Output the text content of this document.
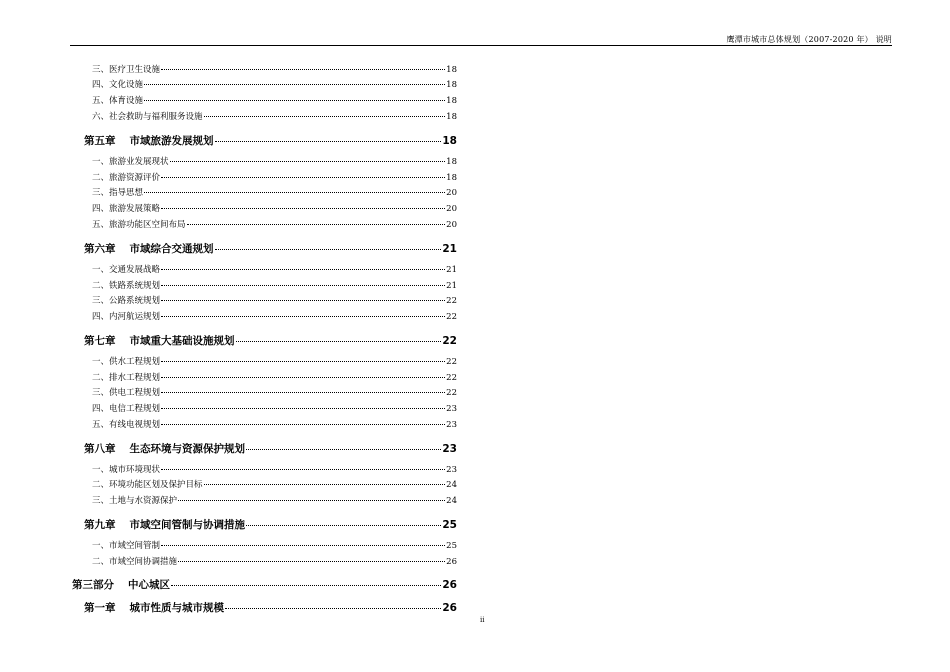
鹰潭市城市总体规划（2007-2020 年） 说明
三、医疗卫生设施	18
四、文化设施	18
五、体育设施	18
六、社会救助与福利服务设施	18
第五章 市域旅游发展规划	18
一、旅游业发展现状	18
二、旅游资源评价	18
三、指导思想	20
四、旅游发展策略	20
五、旅游功能区空间布局	20
第六章 市域综合交通规划	21
一、交通发展战略	21
二、铁路系统规划	21
三、公路系统规划	22
四、内河航运规划	22
第七章 市域重大基础设施规划	22
一、供水工程规划	22
二、排水工程规划	22
三、供电工程规划	22
四、电信工程规划	23
五、有线电视规划	23
第八章 生态环境与资源保护规划	23
一、城市环境现状	23
二、环境功能区划及保护目标	24
三、土地与水资源保护	24
第九章 市域空间管制与协调措施	25
一、市域空间管制	25
二、市域空间协调措施	26
第三部分 中心城区	26
第一章 城市性质与城市规模	26
ii
